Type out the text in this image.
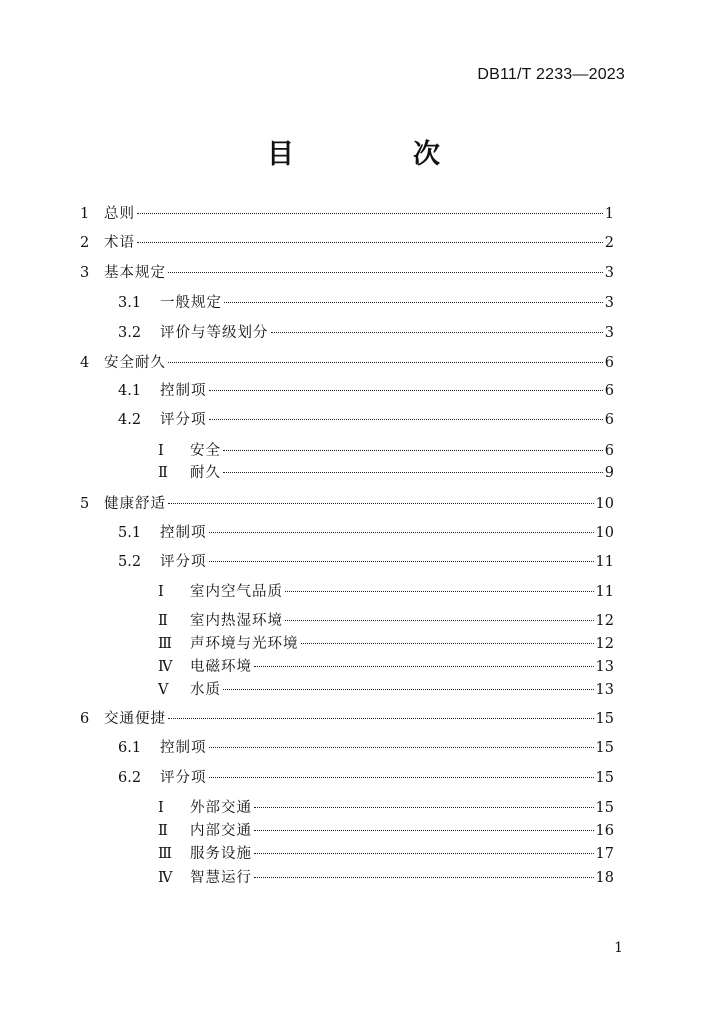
DB11/T 2233—2023
目　次
1	总则	1
2	术语	2
3	基本规定	3
3.1	一般规定	3
3.2	评价与等级划分	3
4	安全耐久	6
4.1	控制项	6
4.2	评分项	6
Ⅰ	安全	6
Ⅱ	耐久	9
5	健康舒适	10
5.1	控制项	10
5.2	评分项	11
Ⅰ	室内空气品质	11
Ⅱ	室内热湿环境	12
Ⅲ	声环境与光环境	12
Ⅳ	电磁环境	13
Ⅴ	水质	13
6	交通便捷	15
6.1	控制项	15
6.2	评分项	15
Ⅰ	外部交通	15
Ⅱ	内部交通	16
Ⅲ	服务设施	17
Ⅳ	智慧运行	18
1
